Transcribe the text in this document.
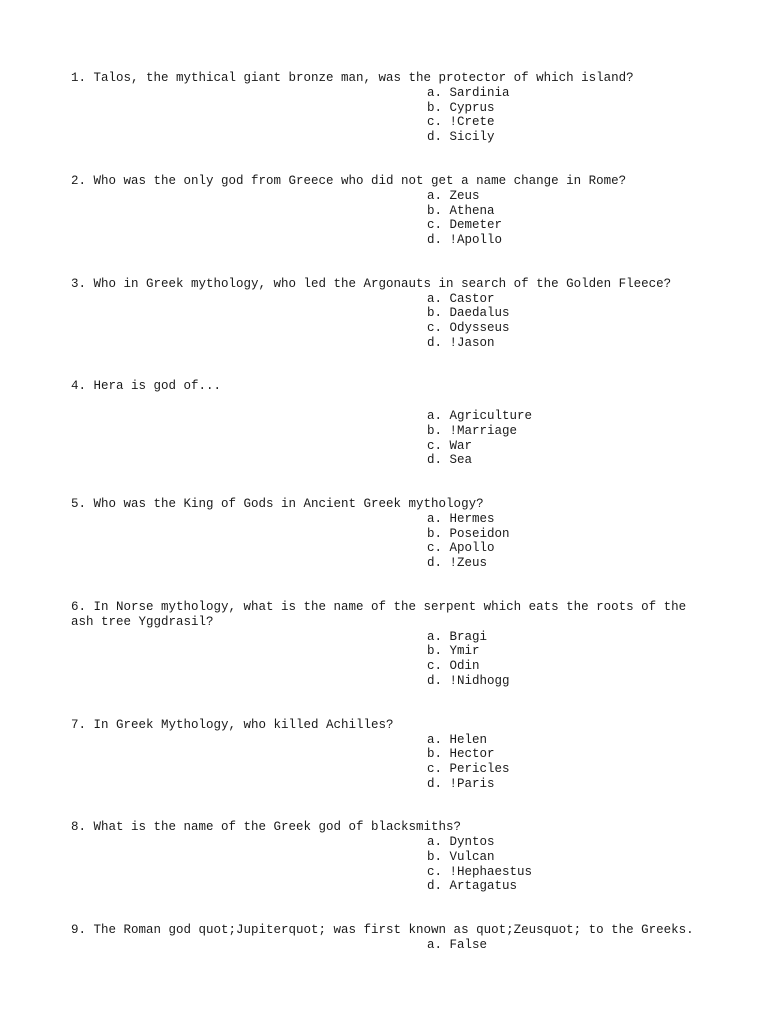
1. Talos, the mythical giant bronze man, was the protector of which island?

a. Sardinia
b. Cyprus
c. !Crete
d. Sicily

2. Who was the only god from Greece who did not get a name change in Rome?

a. Zeus
b. Athena
c. Demeter
d. !Apollo

3. Who in Greek mythology, who led the Argonauts in search of the Golden Fleece?

a. Castor
b. Daedalus
c. Odysseus
d. !Jason

4. Hera is god of...

a. Agriculture
b. !Marriage
c. War
d. Sea

5. Who was the King of Gods in Ancient Greek mythology?

a. Hermes
b. Poseidon
c. Apollo
d. !Zeus

6. In Norse mythology, what is the name of the serpent which eats the roots of the ash tree Yggdrasil?

a. Bragi
b. Ymir
c. Odin
d. !Nidhogg

7. In Greek Mythology, who killed Achilles?

a. Helen
b. Hector
c. Pericles
d. !Paris

8. What is the name of the Greek god of blacksmiths?

a. Dyntos
b. Vulcan
c. !Hephaestus
d. Artagatus

9. The Roman god quot;Jupiterquot; was first known as quot;Zeusquot; to the Greeks.

a. False
